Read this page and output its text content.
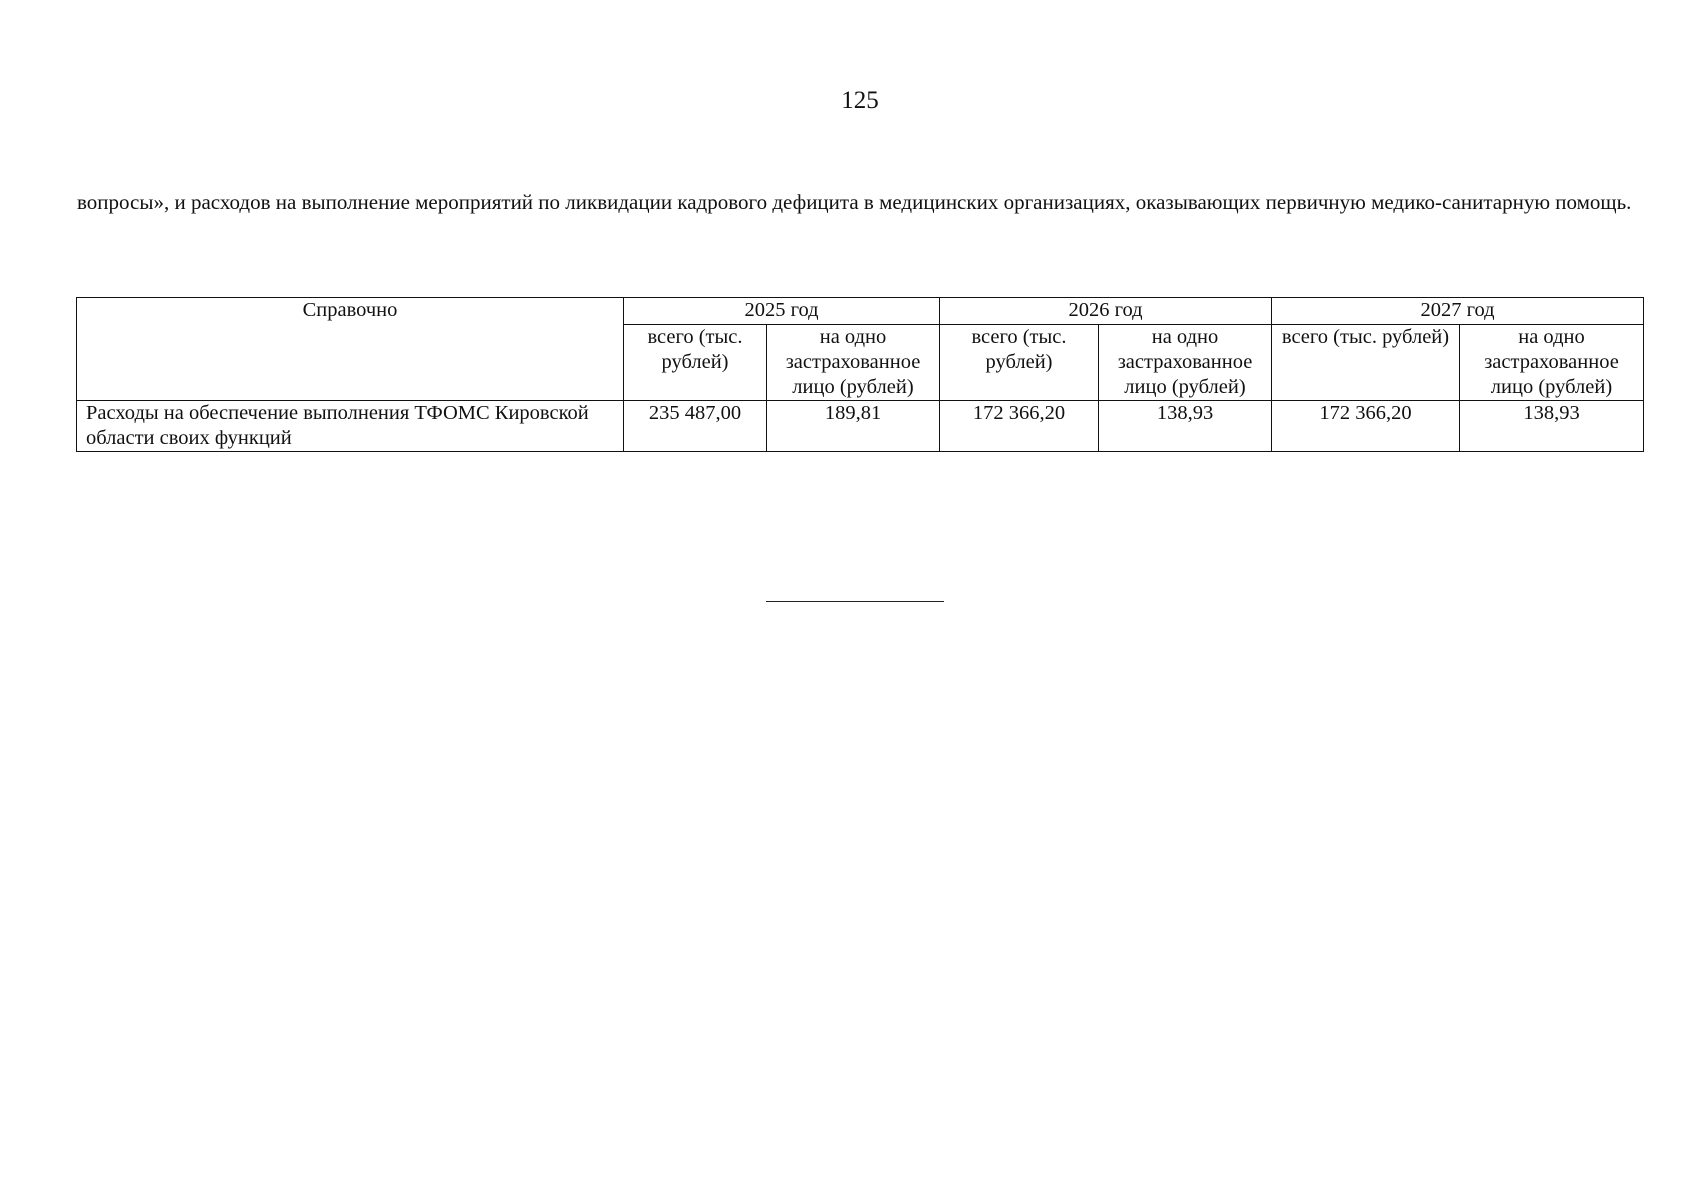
125
вопросы», и расходов на выполнение мероприятий по ликвидации кадрового дефицита в медицинских организациях, оказывающих первичную медико-санитарную помощь.
Справочно	2025 год		2026 год		2027 год	
	всего (тыс. рублей)	на одно застрахованное лицо (рублей)	всего (тыс. рублей)	на одно застрахованное лицо (рублей)	всего (тыс. рублей)	на одно застрахованное лицо (рублей)
Расходы на обеспечение выполнения ТФОМС Кировской области своих функций	235 487,00	189,81	172 366,20	138,93	172 366,20	138,93
